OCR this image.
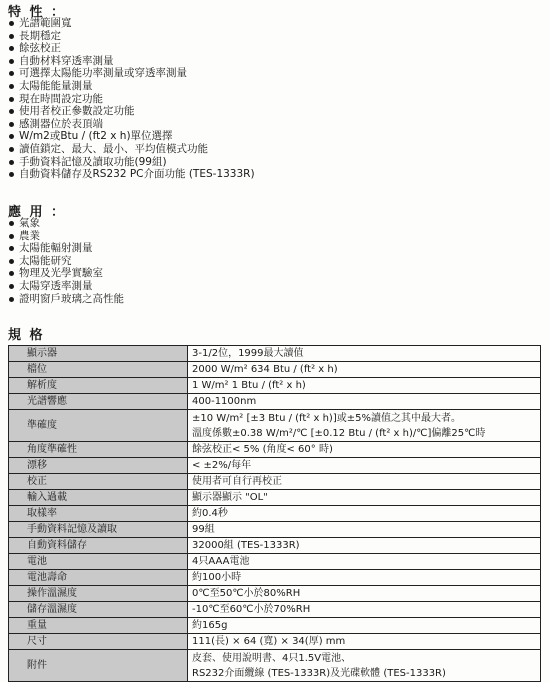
特 性 ：
光譜範圍寬
長期穩定
餘弦校正
自動材料穿透率測量
可選擇太陽能功率測量或穿透率測量
太陽能能量測量
現在時間設定功能
使用者校正參數設定功能
感測器位於表頂端
W/m2或Btu / (ft2 x h)單位選擇
讀值鎖定、最大、最小、平均值模式功能
手動資料記憶及讀取功能(99組)
自動資料儲存及RS232 PC介面功能 (TES-1333R)
應 用 ：
氣象
農業
太陽能輻射測量
太陽能研究
物理及光學實驗室
太陽穿透率測量
證明窗戶玻璃之高性能
規 格
顯示器	3-1/2位，1999最大讀值

檔位	2000 W/m² 634 Btu / (ft² x h)

解析度	1 W/m² 1 Btu / (ft² x h)

光譜響應	400-1100nm

準確度	±10 W/m² [±3 Btu / (ft² x h)]或±5%讀值之其中最大者。
溫度係數±0.38 W/m²/℃ [±0.12 Btu / (ft² x h)/℃]偏離25℃時

角度準確性	餘弦校正< 5% (角度< 60° 時)

漂移	< ±2%/每年

校正	使用者可自行再校正

輸入過載	顯示器顯示 "OL"

取樣率	約0.4秒

手動資料記憶及讀取	99組

自動資料儲存	32000組 (TES-1333R)

電池	4只AAA電池

電池壽命	約100小時

操作溫濕度	0℃至50℃小於80%RH

儲存溫濕度	-10℃至60℃小於70%RH

重量	約165g

尺寸	111(長) × 64 (寬) × 34(厚) mm

附件	皮套、使用說明書、4只1.5V電池、
RS232介面纜線 (TES-1333R)及光碟軟體 (TES-1333R)
